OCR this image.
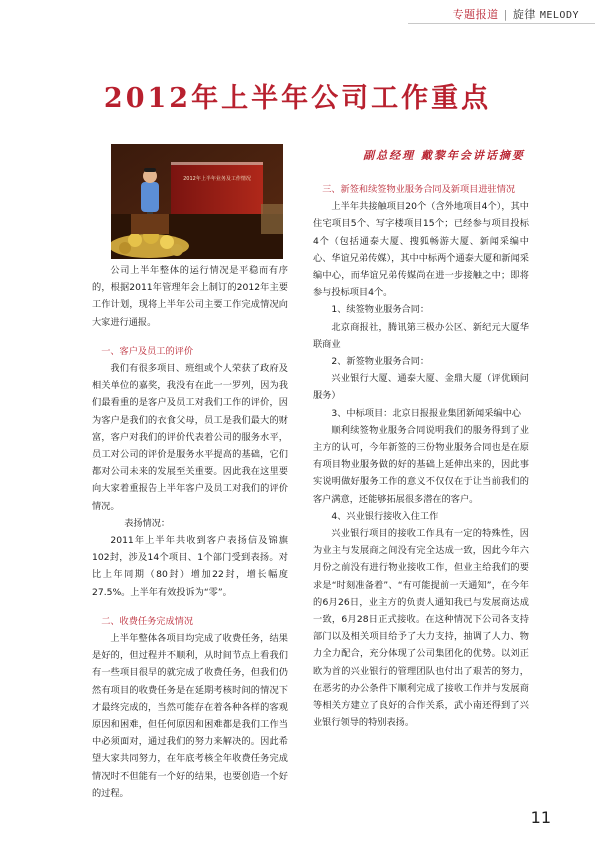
专题报道 | 旋律 MELODY
2012年上半年公司工作重点
2012年上半年业务及工作情况
副总经理 戴黎年会讲话摘要

公司上半年整体的运行情况是平稳而有序的，根据2011年管理年会上制订的2012年主要工作计划，现将上半年公司主要工作完成情况向大家进行通报。

一、客户及员工的评价

我们有很多项目、班组或个人荣获了政府及相关单位的嘉奖，我没有在此一一罗列，因为我们最看重的是客户及员工对我们工作的评价，因为客户是我们的衣食父母，员工是我们最大的财富，客户对我们的评价代表着公司的服务水平，员工对公司的评价是服务水平提高的基础，它们都对公司未来的发展至关重要。因此我在这里要向大家着重报告上半年客户及员工对我们的评价情况。

表扬情况：

2011年上半年共收到客户表扬信及锦旗102封，涉及14个项目、1个部门受到表扬。对比上年同期（80封）增加22封，增长幅度27.5%。上半年有效投诉为“零”。

二、收费任务完成情况

上半年整体各项目均完成了收费任务，结果是好的，但过程并不顺利，从时间节点上看我们有一些项目很早的就完成了收费任务，但我们仍然有项目的收费任务是在延期考核时间的情况下才最终完成的，当然可能存在着各种各样的客观原因和困难，但任何原因和困难都是我们工作当中必须面对，通过我们的努力来解决的。因此希望大家共同努力，在年底考核全年收费任务完成情况时不但能有一个好的结果，也要创造一个好的过程。

三、新签和续签物业服务合同及新项目进驻情况

上半年共接触项目20个（含外地项目4个），其中住宅项目5个、写字楼项目15个；已经参与项目投标4个（包括通泰大厦、搜狐畅游大厦、新闻采编中心、华谊兄弟传媒），其中中标两个通泰大厦和新闻采编中心，而华谊兄弟传媒尚在进一步接触之中；即将参与投标项目4个。

1、续签物业服务合同：

北京商报社，腾讯第三极办公区、新纪元大厦华联商业

2、新签物业服务合同：

兴业银行大厦、通泰大厦、金鼎大厦（评优顾问服务）

3、中标项目：北京日报报业集团新闻采编中心

顺利续签物业服务合同说明我们的服务得到了业主方的认可，今年新签的三份物业服务合同也是在原有项目物业服务做的好的基础上延伸出来的，因此事实说明做好服务工作的意义不仅仅在于让当前我们的客户满意，还能够拓展很多潜在的客户。

4、兴业银行接收入住工作

兴业银行项目的接收工作具有一定的特殊性，因为业主与发展商之间没有完全达成一致，因此今年六月份之前没有进行物业接收工作，但业主给我们的要求是“时刻准备着”、“有可能提前一天通知”，在今年的6月26日，业主方的负责人通知我已与发展商达成一致，6月28日正式接收。在这种情况下公司各支持部门以及相关项目给予了大力支持，抽调了人力、物力全力配合，充分体现了公司集团化的优势。以刘正欧为首的兴业银行的管理团队也付出了艰苦的努力，在恶劣的办公条件下顺利完成了接收工作并与发展商等相关方建立了良好的合作关系，武小南还得到了兴业银行领导的特别表扬。

11
